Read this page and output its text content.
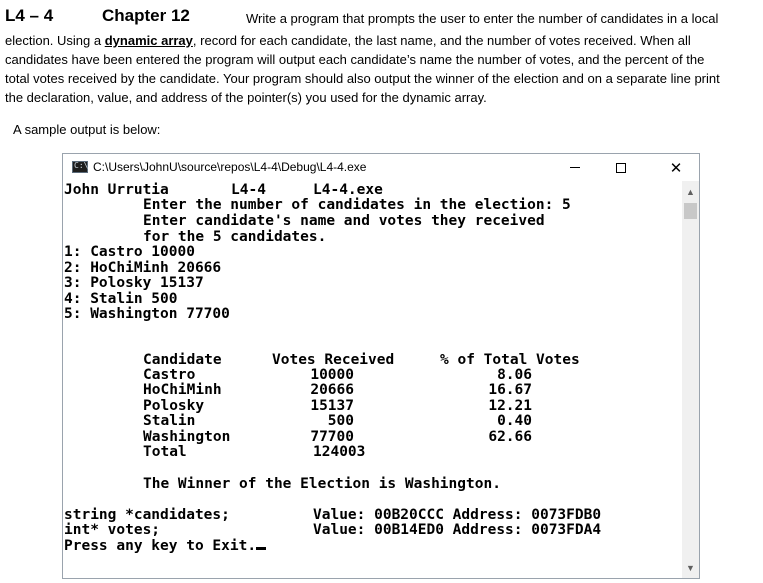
L4 – 4	Chapter 12	Write a program that prompts the user to enter the number of candidates in a local
election. Using a dynamic array, record for each candidate, the last name, and the number of votes received. When all
candidates have been entered the program will output each candidate’s name the number of votes, and the percent of the
total votes received by the candidate. Your program should also output the winner of the election and on a separate line print
the declaration, value, and address of the pointer(s) you used for the dynamic array.
A sample output is below:
C:\ C:\Users\JohnU\source\repos\L4-4\Debug\L4-4.exe	✕
John Urrutia	L4-4	L4-4.exe
Enter the number of candidates in the election: 5
Enter candidate's name and votes they received
for the 5 candidates.
1: Castro 10000
2: HoChiMinh 20666
3: Polosky 15137
4: Stalin 500
5: Washington 77700
Candidate	Votes Received	% of Total Votes
Castro	10000	8.06
HoChiMinh	20666	16.67
Polosky	15137	12.21
Stalin	500	0.40
Washington	77700	62.66
Total	124003
The Winner of the Election is Washington.
string *candidates;	Value: 00B20CCC Address: 0073FDB0
int* votes;	Value: 00B14ED0 Address: 0073FDA4
Press any key to Exit.
▲
▼
